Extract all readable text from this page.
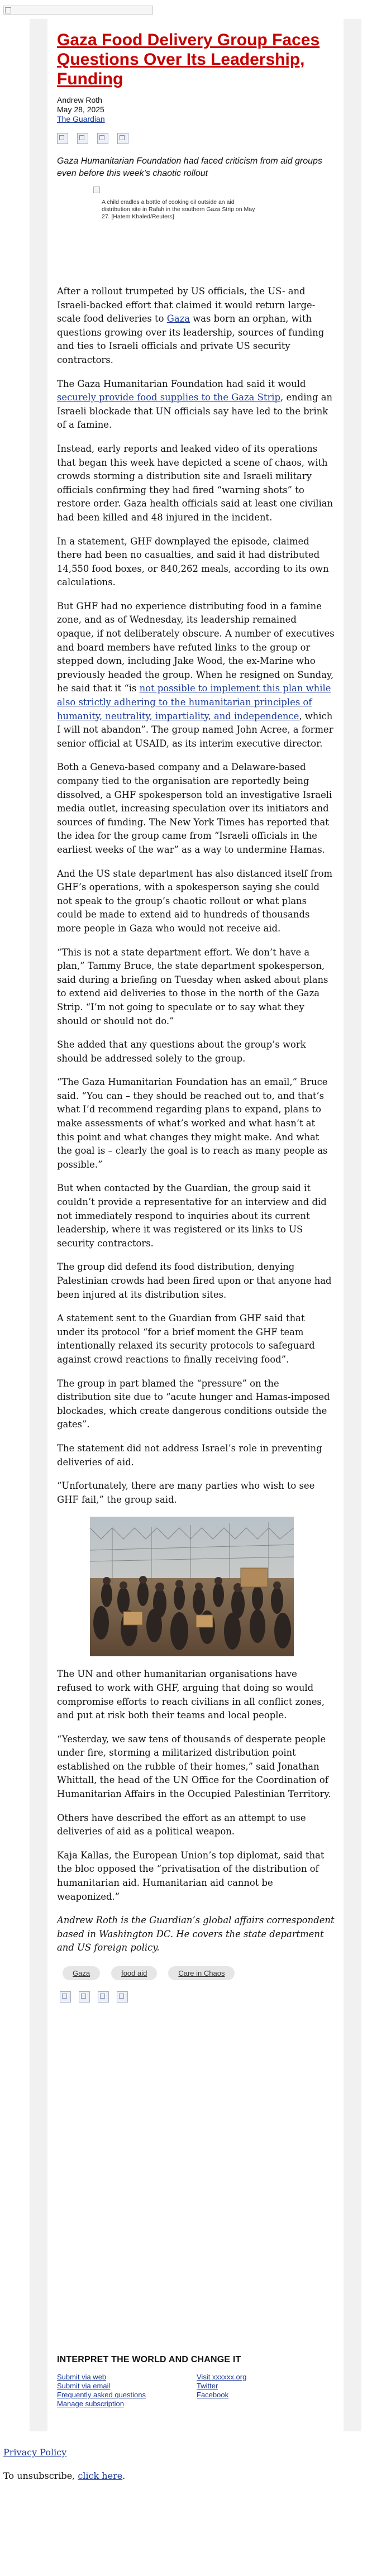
Gaza Food Delivery Group Faces Questions Over Its Leadership, Funding
Andrew Roth
May 28, 2025
The Guardian

Gaza Humanitarian Foundation had faced criticism from aid groups even before this week’s chaotic rollout

A child cradles a bottle of cooking oil outside an aid distribution site in Rafah in the southern Gaza Strip on May 27. [Hatem Khaled/Reuters]

After a rollout trumpeted by US officials, the US- and Israeli-backed effort that claimed it would return large-scale food deliveries to Gaza was born an orphan, with questions growing over its leadership, sources of funding and ties to Israeli officials and private US security contractors.

The Gaza Humanitarian Foundation had said it would securely provide food supplies to the Gaza Strip, ending an Israeli blockade that UN officials say have led to the brink of a famine.

Instead, early reports and leaked video of its operations that began this week have depicted a scene of chaos, with crowds storming a distribution site and Israeli military officials confirming they had fired “warning shots” to restore order. Gaza health officials said at least one civilian had been killed and 48 injured in the incident.

In a statement, GHF downplayed the episode, claimed there had been no casualties, and said it had distributed 14,550 food boxes, or 840,262 meals, according to its own calculations.

But GHF had no experience distributing food in a famine zone, and as of Wednesday, its leadership remained opaque, if not deliberately obscure. A number of executives and board members have refuted links to the group or stepped down, including Jake Wood, the ex-Marine who previously headed the group. When he resigned on Sunday, he said that it “is not possible to implement this plan while also strictly adhering to the humanitarian principles of humanity, neutrality, impartiality, and independence, which I will not abandon”. The group named John Acree, a former senior official at USAID, as its interim executive director.

Both a Geneva-based company and a Delaware-based company tied to the organisation are reportedly being dissolved, a GHF spokesperson told an investigative Israeli media outlet, increasing speculation over its initiators and sources of funding. The New York Times has reported that the idea for the group came from “Israeli officials in the earliest weeks of the war” as a way to undermine Hamas.

And the US state department has also distanced itself from GHF’s operations, with a spokesperson saying she could not speak to the group’s chaotic rollout or what plans could be made to extend aid to hundreds of thousands more people in Gaza who would not receive aid.

“This is not a state department effort. We don’t have a plan,” Tammy Bruce, the state department spokesperson, said during a briefing on Tuesday when asked about plans to extend aid deliveries to those in the north of the Gaza Strip. “I’m not going to speculate or to say what they should or should not do.”

She added that any questions about the group’s work should be addressed solely to the group.

“The Gaza Humanitarian Foundation has an email,” Bruce said. “You can – they should be reached out to, and that’s what I’d recommend regarding plans to expand, plans to make assessments of what’s worked and what hasn’t at this point and what changes they might make. And what the goal is – clearly the goal is to reach as many people as possible.”

But when contacted by the Guardian, the group said it couldn’t provide a representative for an interview and did not immediately respond to inquiries about its current leadership, where it was registered or its links to US security contractors.

The group did defend its food distribution, denying Palestinian crowds had been fired upon or that anyone had been injured at its distribution sites.

A statement sent to the Guardian from GHF said that under its protocol “for a brief moment the GHF team intentionally relaxed its security protocols to safeguard against crowd reactions to finally receiving food”.

The group in part blamed the “pressure” on the distribution site due to “acute hunger and Hamas-imposed blockades, which create dangerous conditions outside the gates”.

The statement did not address Israel’s role in preventing deliveries of aid.

“Unfortunately, there are many parties who wish to see GHF fail,” the group said.

The UN and other humanitarian organisations have refused to work with GHF, arguing that doing so would compromise efforts to reach civilians in all conflict zones, and put at risk both their teams and local people.

“Yesterday, we saw tens of thousands of desperate people under fire, storming a militarized distribution point established on the rubble of their homes,” said Jonathan Whittall, the head of the UN Office for the Coordination of Humanitarian Affairs in the Occupied Palestinian Territory.

Others have described the effort as an attempt to use deliveries of aid as a political weapon.

Kaja Kallas, the European Union’s top diplomat, said that the bloc opposed the “privatisation of the distribution of humanitarian aid. Humanitarian aid cannot be weaponized.”

Andrew Roth is the Guardian’s global affairs correspondent based in Washington DC. He covers the state department and US foreign policy.

Gaza	food aid	Care in Chaos
INTERPRET THE WORLD AND CHANGE IT
Submit via web
Submit via email
Frequently asked questions
Manage subscription
Visit xxxxxx.org
Twitter
Facebook
Privacy Policy
To unsubscribe, click here.
